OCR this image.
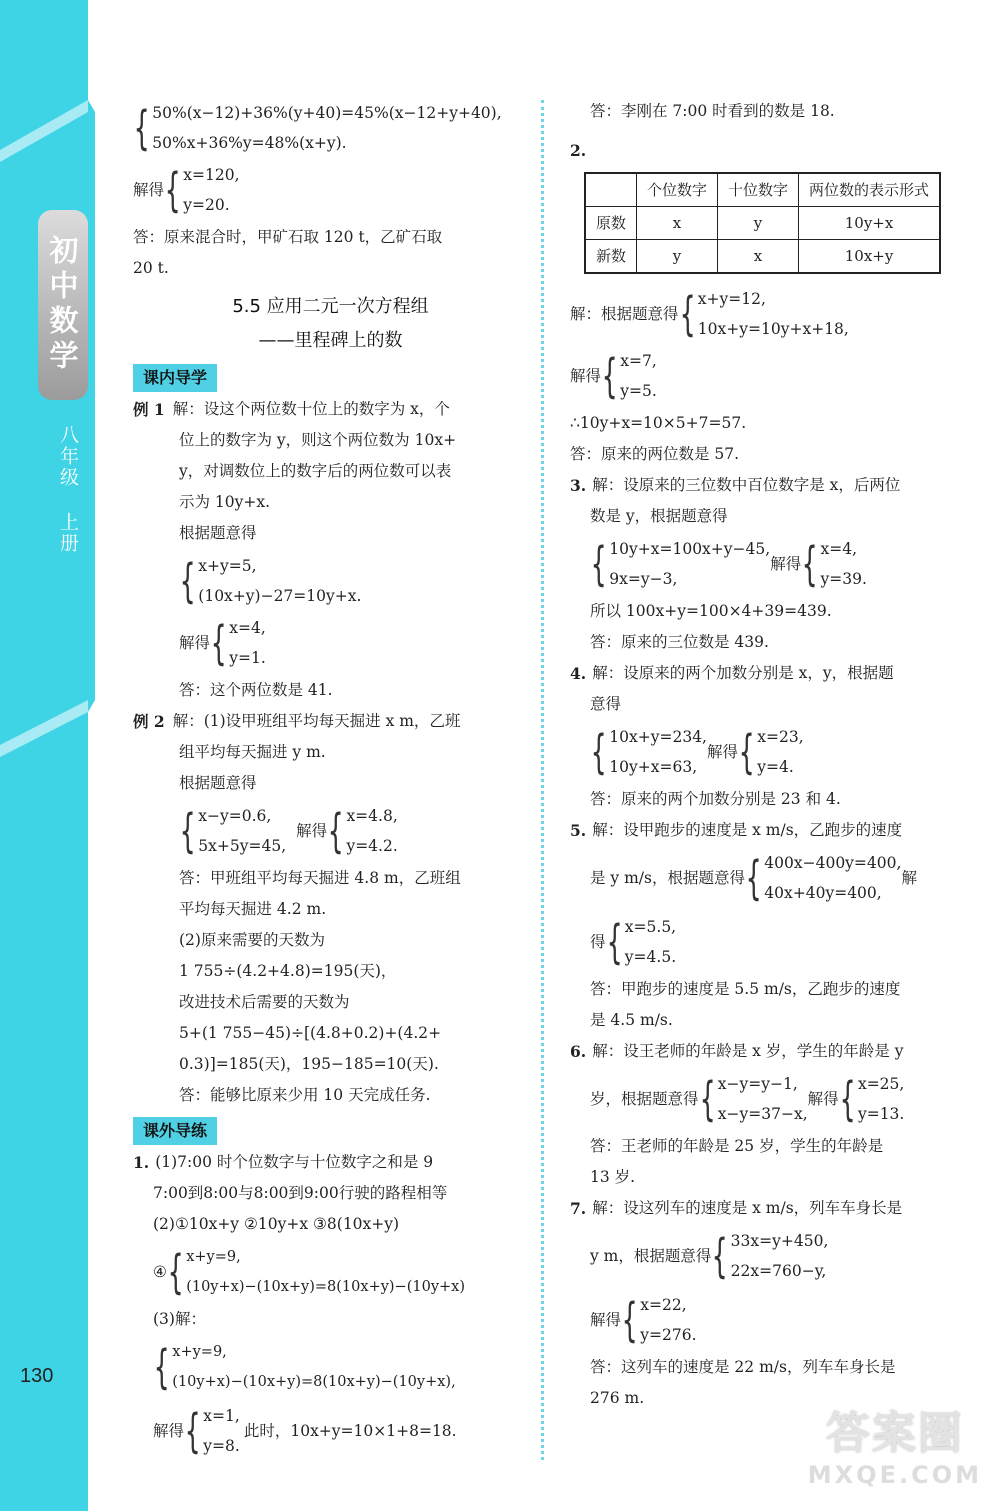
初中数学
八年级 上册
130
{ 50%(x−12)+36%(y+40)=45%(x−12+y+40),
50%x+36%y=48%(x+y).
解得 { x=120,
y=20.
答：原来混合时，甲矿石取 120 t，乙矿石取
20 t.
5.5 应用二元一次方程组
——里程碑上的数
课内导学
例 1 解：设这个两位数十位上的数字为 x，个
位上的数字为 y，则这个两位数为 10x+
y，对调数位上的数字后的两位数可以表
示为 10y+x.
根据题意得
{ x+y=5,
(10x+y)−27=10y+x.
解得 { x=4,
y=1.
答：这个两位数是 41.
例 2 解：(1)设甲班组平均每天掘进 x m，乙班
组平均每天掘进 y m.
根据题意得
{ x−y=0.6,
5x+5y=45,
解得 { x=4.8,
y=4.2.
答：甲班组平均每天掘进 4.8 m，乙班组
平均每天掘进 4.2 m.
(2)原来需要的天数为
1 755÷(4.2+4.8)=195(天)，
改进技术后需要的天数为
5+(1 755−45)÷[(4.8+0.2)+(4.2+
0.3)]=185(天)，195−185=10(天).
答：能够比原来少用 10 天完成任务.
课外导练
1. (1)7:00 时个位数字与十位数字之和是 9
7:00到8:00与8:00到9:00行驶的路程相等
(2)①10x+y ②10y+x ③8(10x+y)
④ { x+y=9,
(10y+x)−(10x+y)=8(10x+y)−(10y+x)
(3)解：
{ x+y=9,
(10y+x)−(10x+y)=8(10x+y)−(10y+x),
解得 { x=1,
y=8.
此时，10x+y=10×1+8=18.
答：李刚在 7:00 时看到的数是 18.
2.
	个位数字	十位数字	两位数的表示形式
原数	x	y	10y+x
新数	y	x	10x+y
解：根据题意得 { x+y=12,
10x+y=10y+x+18,
解得 { x=7,
y=5.
∴10y+x=10×5+7=57.
答：原来的两位数是 57.
3. 解：设原来的三位数中百位数字是 x，后两位
数是 y，根据题意得
{ 10y+x=100x+y−45,
9x=y−3,
解得 { x=4,
y=39.
所以 100x+y=100×4+39=439.
答：原来的三位数是 439.
4. 解：设原来的两个加数分别是 x，y，根据题
意得
{ 10x+y=234,
10y+x=63,
解得 { x=23,
y=4.
答：原来的两个加数分别是 23 和 4.
5. 解：设甲跑步的速度是 x m/s，乙跑步的速度
是 y m/s，根据题意得 { 400x−400y=400,
40x+40y=400,
解
得 { x=5.5,
y=4.5.
答：甲跑步的速度是 5.5 m/s，乙跑步的速度
是 4.5 m/s.
6. 解：设王老师的年龄是 x 岁，学生的年龄是 y
岁，根据题意得 { x−y=y−1,
x−y=37−x,
解得 { x=25,
y=13.
答：王老师的年龄是 25 岁，学生的年龄是
13 岁.
7. 解：设这列车的速度是 x m/s，列车车身长是
y m，根据题意得 { 33x=y+450,
22x=760−y,
解得 { x=22,
y=276.
答：这列车的速度是 22 m/s，列车车身长是
276 m.
答案圈
MXQE.COM
